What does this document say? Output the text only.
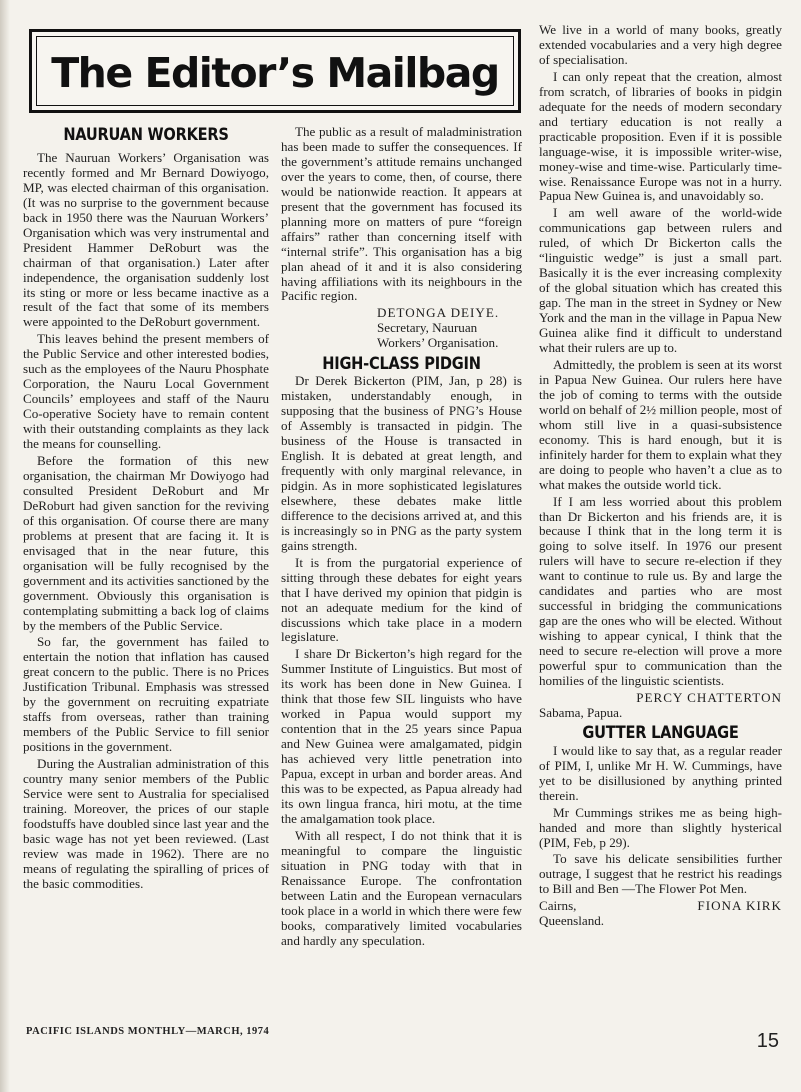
The Editor’s Mailbag
NAURUAN WORKERS

The Nauruan Workers’ Organisation was recently formed and Mr Bernard Dowiyogo, MP, was elected chairman of this organisation. (It was no surprise to the government because back in 1950 there was the Nauruan Workers’ Organisation which was very instrumental and President Hammer DeRoburt was the chairman of that organisation.) Later after independence, the organisation suddenly lost its sting or more or less became inactive as a result of the fact that some of its members were appointed to the DeRoburt government.

This leaves behind the present members of the Public Service and other interested bodies, such as the employees of the Nauru Phosphate Corporation, the Nauru Local Government Councils’ employees and staff of the Nauru Co-operative Society have to remain content with their outstanding complaints as they lack the means for counselling.

Before the formation of this new organisation, the chairman Mr Dowiyogo had consulted President DeRoburt and Mr DeRoburt had given sanction for the reviving of this organisation. Of course there are many problems at present that are facing it. It is envisaged that in the near future, this organisation will be fully recognised by the government and its activities sanctioned by the government. Obviously this organisation is contemplating submitting a back log of claims by the members of the Public Service.

So far, the government has failed to entertain the notion that inflation has caused great concern to the public. There is no Prices Justification Tribunal. Emphasis was stressed by the government on recruiting expatriate staffs from overseas, rather than training members of the Public Service to fill senior positions in the government.

During the Australian administration of this country many senior members of the Public Service were sent to Australia for specialised training. Moreover, the prices of our staple foodstuffs have doubled since last year and the basic wage has not yet been reviewed. (Last review was made in 1962). There are no means of regulating the spiralling of prices of the basic commodities.

The public as a result of maladministration has been made to suffer the consequences. If the government’s attitude remains unchanged over the years to come, then, of course, there would be nationwide reaction. It appears at present that the government has focused its planning more on matters of pure “foreign affairs” rather than concerning itself with “internal strife”. This organisation has a big plan ahead of it and it is also considering having affiliations with its neighbours in the Pacific region.

DETONGA DEIYE.
Secretary, Nauruan
Workers’ Organisation.
HIGH-CLASS PIDGIN

Dr Derek Bickerton (PIM, Jan, p 28) is mistaken, understandably enough, in supposing that the business of PNG’s House of Assembly is transacted in pidgin. The business of the House is transacted in English. It is debated at great length, and frequently with only marginal relevance, in pidgin. As in more sophisticated legislatures elsewhere, these debates make little difference to the decisions arrived at, and this is increasingly so in PNG as the party system gains strength.

It is from the purgatorial experience of sitting through these debates for eight years that I have derived my opinion that pidgin is not an adequate medium for the kind of discussions which take place in a modern legislature.

I share Dr Bickerton’s high regard for the Summer Institute of Linguistics. But most of its work has been done in New Guinea. I think that those few SIL linguists who have worked in Papua would support my contention that in the 25 years since Papua and New Guinea were amalgamated, pidgin has achieved very little penetration into Papua, except in urban and border areas. And this was to be expected, as Papua already had its own lingua franca, hiri motu, at the time the amalgamation took place.

With all respect, I do not think that it is meaningful to compare the linguistic situation in PNG today with that in Renaissance Europe. The confrontation between Latin and the European vernaculars took place in a world in which there were few books, comparatively limited vocabularies and hardly any speculation.

We live in a world of many books, greatly extended vocabularies and a very high degree of specialisation.

I can only repeat that the creation, almost from scratch, of libraries of books in pidgin adequate for the needs of modern secondary and tertiary education is not really a practicable proposition. Even if it is possible language-wise, it is impossible writer-wise, money-wise and time-wise. Particularly time-wise. Renaissance Europe was not in a hurry. Papua New Guinea is, and unavoidably so.

I am well aware of the world-wide communications gap between rulers and ruled, of which Dr Bickerton calls the “linguistic wedge” is just a small part. Basically it is the ever increasing complexity of the global situation which has created this gap. The man in the street in Sydney or New York and the man in the village in Papua New Guinea alike find it difficult to understand what their rulers are up to.

Admittedly, the problem is seen at its worst in Papua New Guinea. Our rulers here have the job of coming to terms with the outside world on behalf of 2½ million people, most of whom still live in a quasi-subsistence economy. This is hard enough, but it is infinitely harder for them to explain what they are doing to people who haven’t a clue as to what makes the outside world tick.

If I am less worried about this problem than Dr Bickerton and his friends are, it is because I think that in the long term it is going to solve itself. In 1976 our present rulers will have to secure re-election if they want to continue to rule us. By and large the candidates and parties who are most successful in bridging the communications gap are the ones who will be elected. Without wishing to appear cynical, I think that the need to secure re-election will prove a more powerful spur to communication than the homilies of the linguistic scientists.

PERCY CHATTERTON
Sabama, Papua.
GUTTER LANGUAGE

I would like to say that, as a regular reader of PIM, I, unlike Mr H. W. Cummings, have yet to be disillusioned by anything printed therein.

Mr Cummings strikes me as being high-handed and more than slightly hysterical (PIM, Feb, p 29).

To save his delicate sensibilities further outrage, I suggest that he restrict his readings to Bill and Ben —The Flower Pot Men.

Cairns,	FIONA KIRK
Queensland.
PACIFIC ISLANDS MONTHLY—MARCH, 1974	15
